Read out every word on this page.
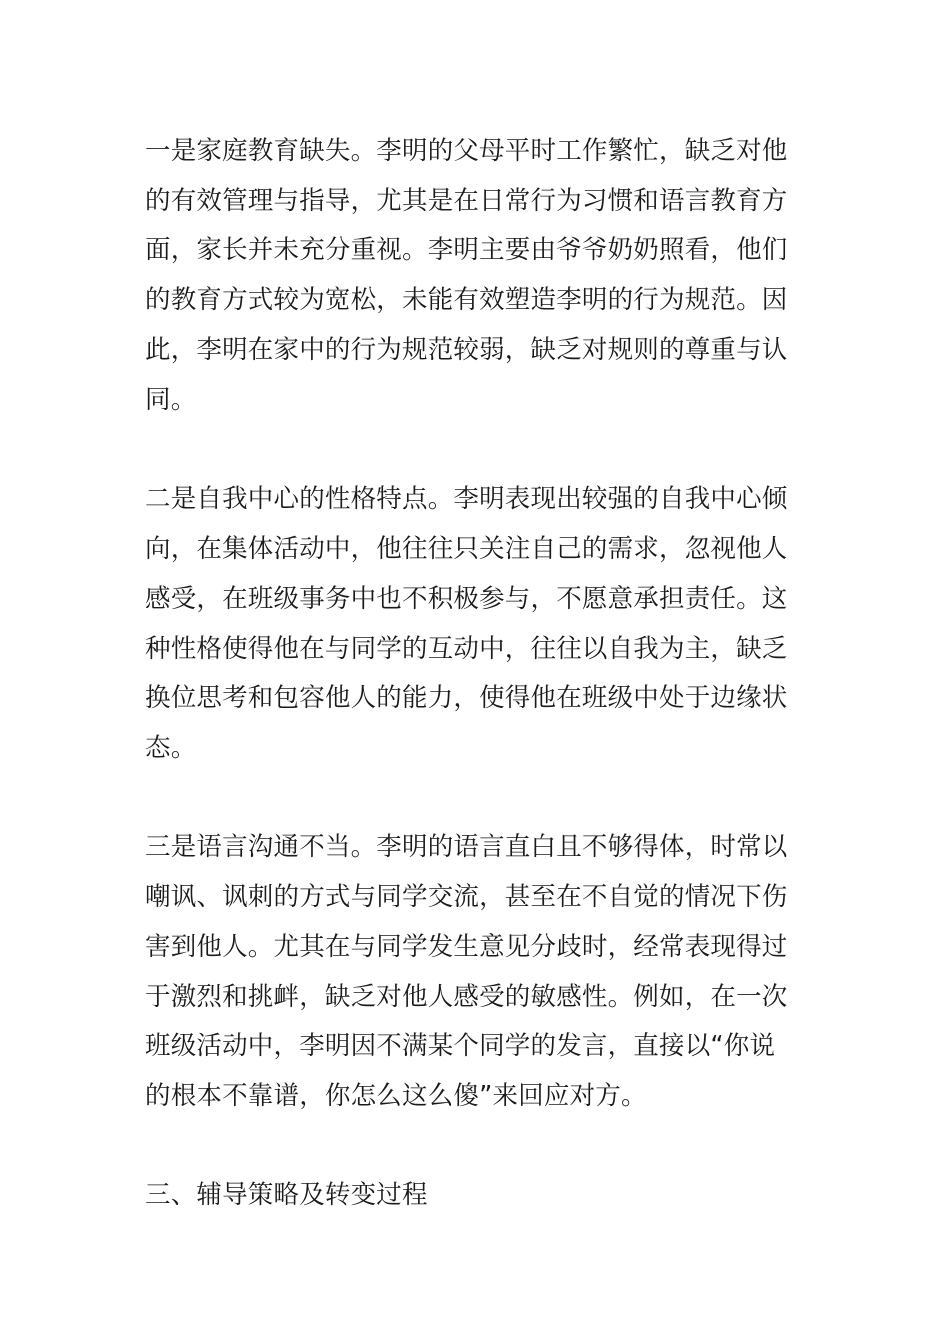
一是家庭教育缺失。李明的父母平时工作繁忙，缺乏对他
的有效管理与指导，尤其是在日常行为习惯和语言教育方
面，家长并未充分重视。李明主要由爷爷奶奶照看，他们
的教育方式较为宽松，未能有效塑造李明的行为规范。因
此，李明在家中的行为规范较弱，缺乏对规则的尊重与认
同。
二是自我中心的性格特点。李明表现出较强的自我中心倾
向，在集体活动中，他往往只关注自己的需求，忽视他人
感受，在班级事务中也不积极参与，不愿意承担责任。这
种性格使得他在与同学的互动中，往往以自我为主，缺乏
换位思考和包容他人的能力，使得他在班级中处于边缘状
态。
三是语言沟通不当。李明的语言直白且不够得体，时常以
嘲讽、讽刺的方式与同学交流，甚至在不自觉的情况下伤
害到他人。尤其在与同学发生意见分歧时，经常表现得过
于激烈和挑衅，缺乏对他人感受的敏感性。例如，在一次
班级活动中，李明因不满某个同学的发言，直接以“你说
的根本不靠谱，你怎么这么傻”来回应对方。
三、辅导策略及转变过程
